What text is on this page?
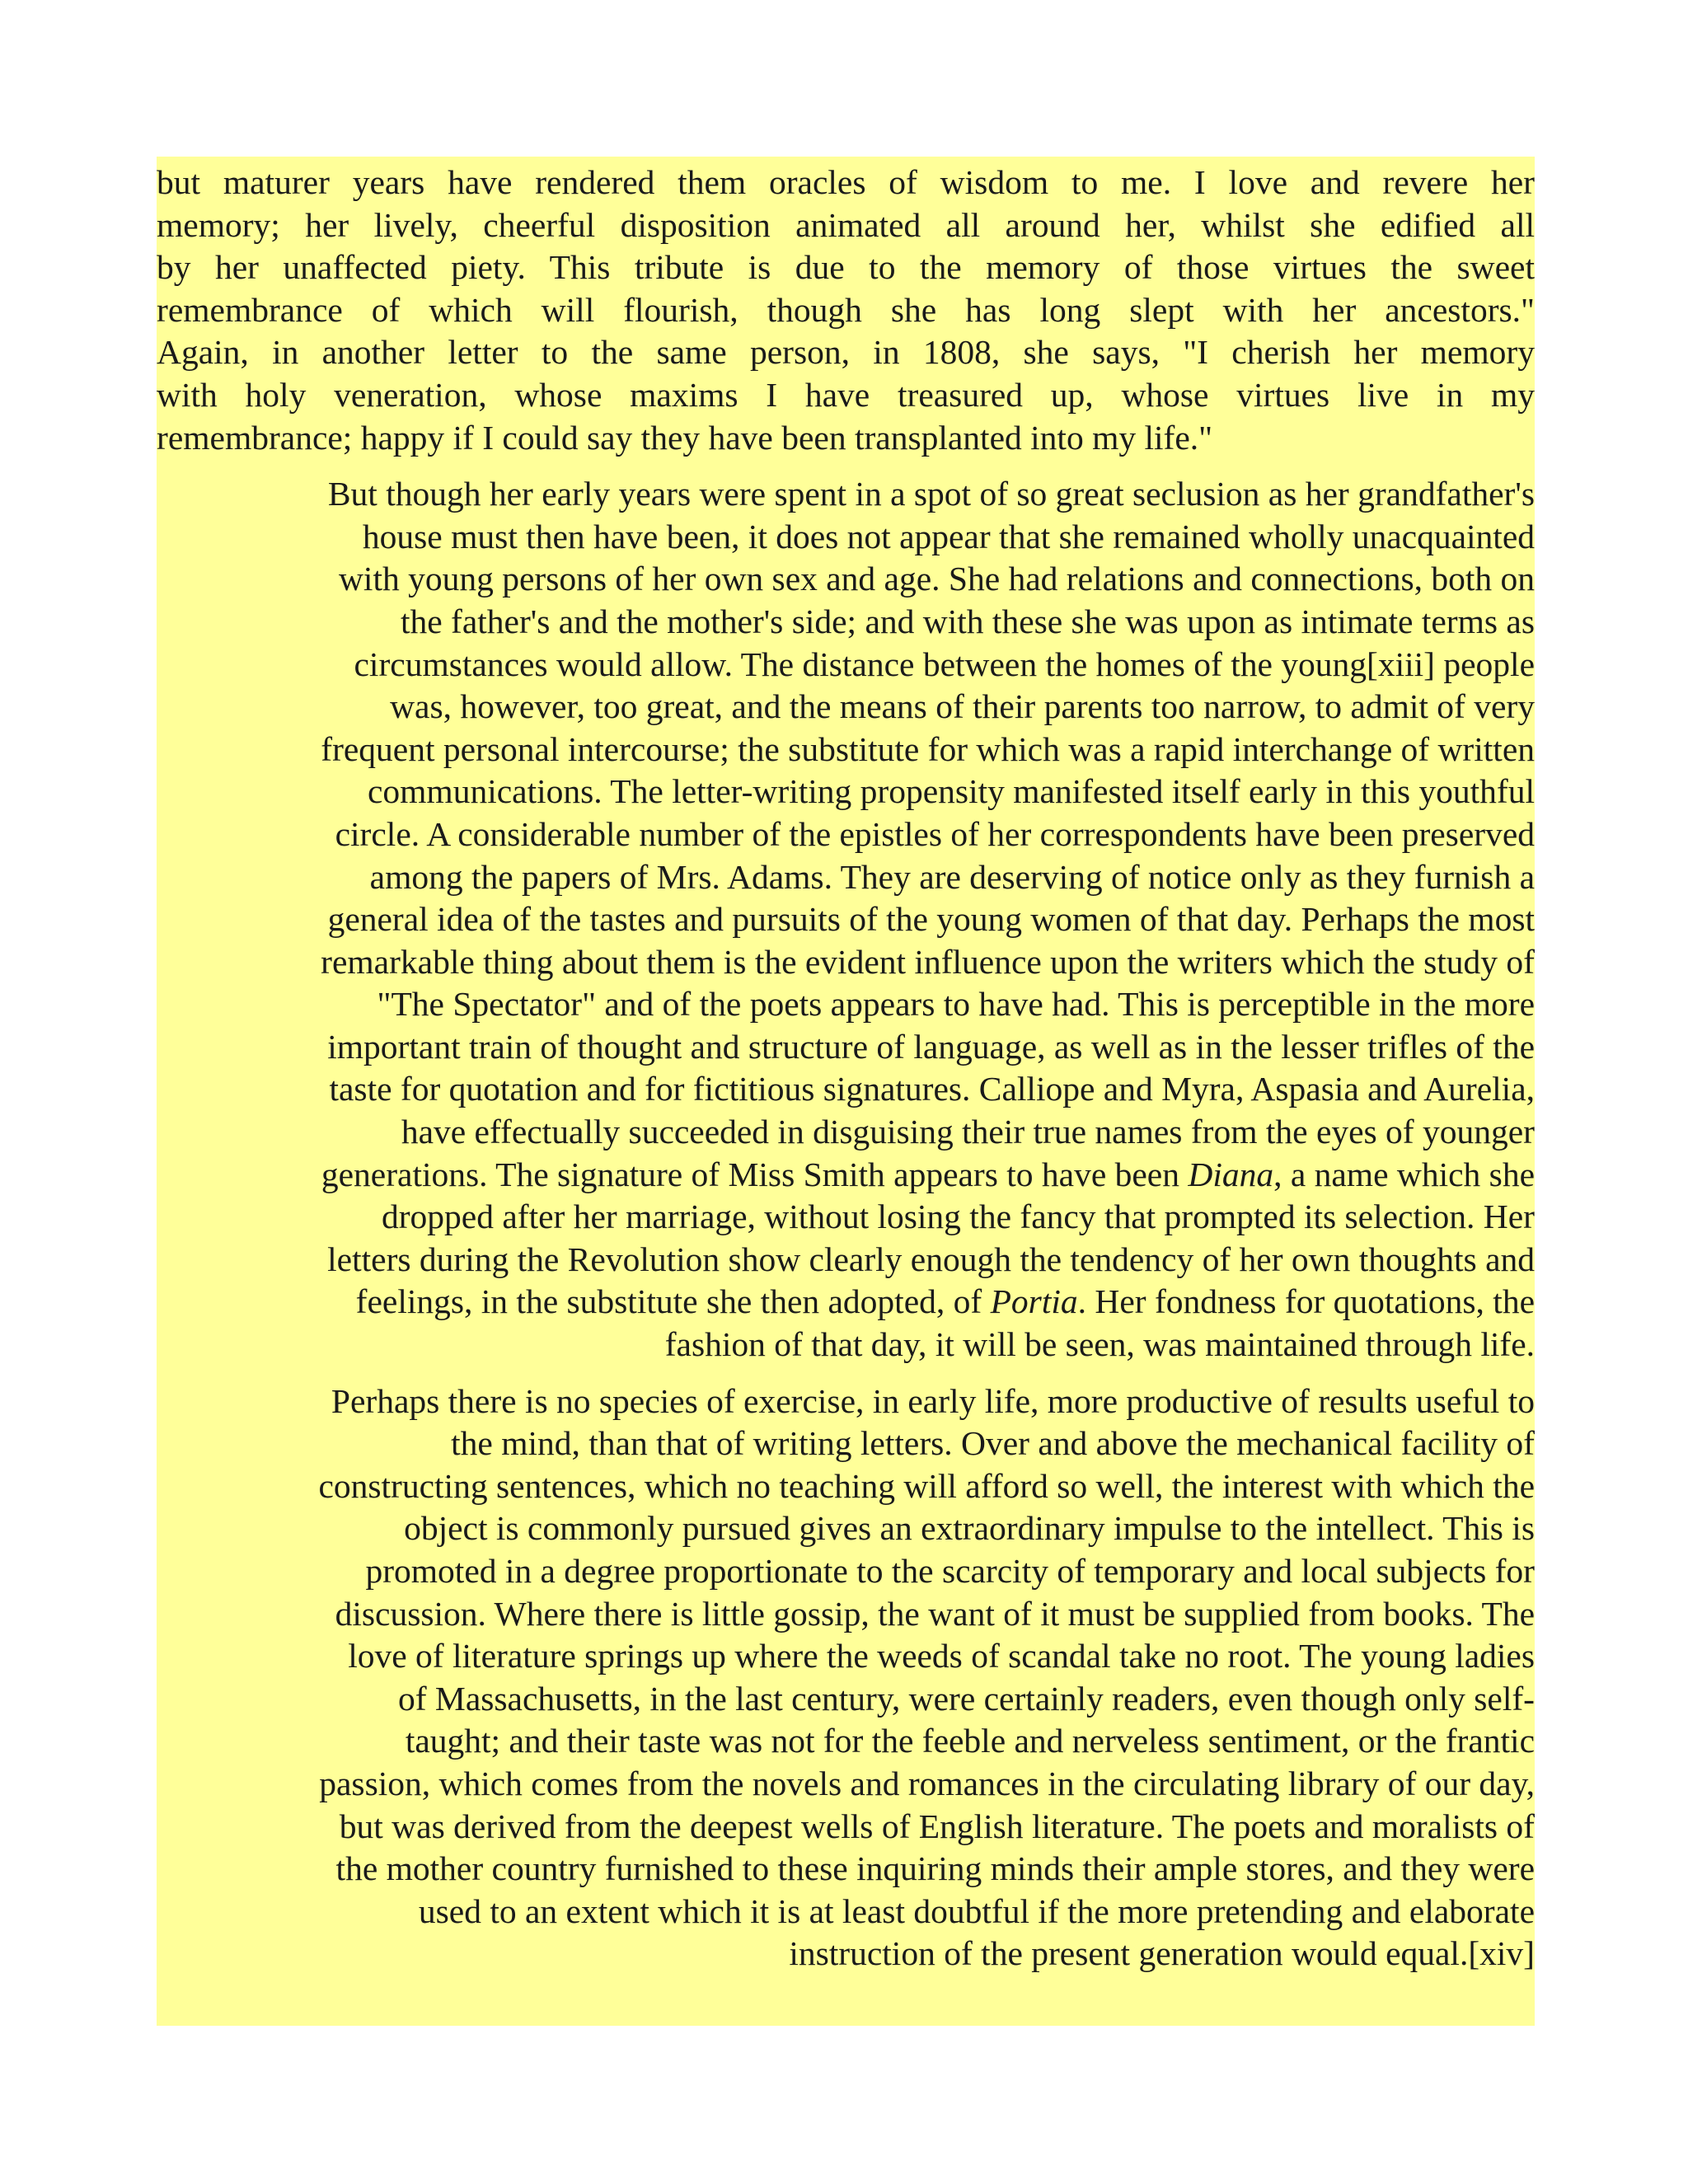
but maturer years have rendered them oracles of wisdom to me. I love and revere her
memory; her lively, cheerful disposition animated all around her, whilst she edified all
by her unaffected piety. This tribute is due to the memory of those virtues the sweet
remembrance of which will flourish, though she has long slept with her ancestors."
Again, in another letter to the same person, in 1808, she says, "I cherish her memory
with holy veneration, whose maxims I have treasured up, whose virtues live in my
remembrance; happy if I could say they have been transplanted into my life."
But though her early years were spent in a spot of so great seclusion as her grandfather's
house must then have been, it does not appear that she remained wholly unacquainted
with young persons of her own sex and age. She had relations and connections, both on
the father's and the mother's side; and with these she was upon as intimate terms as
circumstances would allow. The distance between the homes of the young[xiii] people
was, however, too great, and the means of their parents too narrow, to admit of very
frequent personal intercourse; the substitute for which was a rapid interchange of written
communications. The letter-writing propensity manifested itself early in this youthful
circle. A considerable number of the epistles of her correspondents have been preserved
among the papers of Mrs. Adams. They are deserving of notice only as they furnish a
general idea of the tastes and pursuits of the young women of that day. Perhaps the most
remarkable thing about them is the evident influence upon the writers which the study of
"The Spectator" and of the poets appears to have had. This is perceptible in the more
important train of thought and structure of language, as well as in the lesser trifles of the
taste for quotation and for fictitious signatures. Calliope and Myra, Aspasia and Aurelia,
have effectually succeeded in disguising their true names from the eyes of younger
generations. The signature of Miss Smith appears to have been Diana, a name which she
dropped after her marriage, without losing the fancy that prompted its selection. Her
letters during the Revolution show clearly enough the tendency of her own thoughts and
feelings, in the substitute she then adopted, of Portia. Her fondness for quotations, the
fashion of that day, it will be seen, was maintained through life.
Perhaps there is no species of exercise, in early life, more productive of results useful to
the mind, than that of writing letters. Over and above the mechanical facility of
constructing sentences, which no teaching will afford so well, the interest with which the
object is commonly pursued gives an extraordinary impulse to the intellect. This is
promoted in a degree proportionate to the scarcity of temporary and local subjects for
discussion. Where there is little gossip, the want of it must be supplied from books. The
love of literature springs up where the weeds of scandal take no root. The young ladies
of Massachusetts, in the last century, were certainly readers, even though only self-
taught; and their taste was not for the feeble and nerveless sentiment, or the frantic
passion, which comes from the novels and romances in the circulating library of our day,
but was derived from the deepest wells of English literature. The poets and moralists of
the mother country furnished to these inquiring minds their ample stores, and they were
used to an extent which it is at least doubtful if the more pretending and elaborate
instruction of the present generation would equal.[xiv]
